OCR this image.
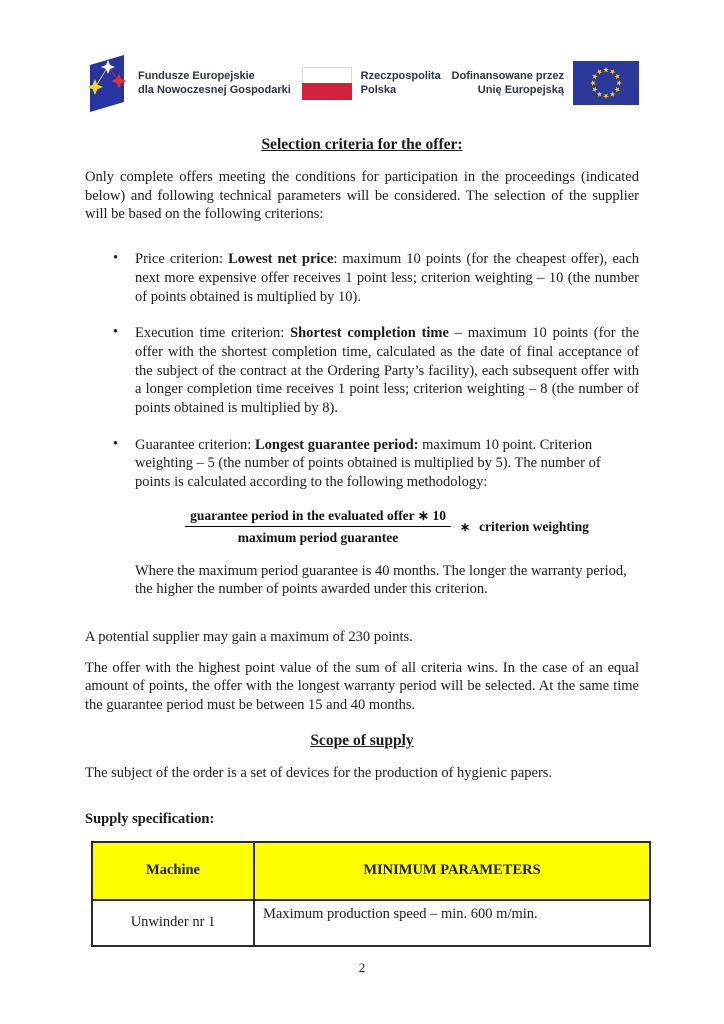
Fundusze Europejskie
dla Nowoczesnej Gospodarki
Rzeczpospolita
Polska
Dofinansowane przez
Unię Europejską
Selection criteria for the offer:

Only complete offers meeting the conditions for participation in the proceedings (indicated below) and following technical parameters will be considered. The selection of the supplier will be based on the following criterions:

• Price criterion: Lowest net price: maximum 10 points (for the cheapest offer), each next more expensive offer receives 1 point less; criterion weighting – 10 (the number of points obtained is multiplied by 10).
• Execution time criterion: Shortest completion time – maximum 10 points (for the offer with the shortest completion time, calculated as the date of final acceptance of the subject of the contract at the Ordering Party’s facility), each subsequent offer with a longer completion time receives 1 point less; criterion weighting – 8 (the number of points obtained is multiplied by 8).
• Guarantee criterion: Longest guarantee period: maximum 10 point. Criterion weighting – 5 (the number of points obtained is multiplied by 5). The number of points is calculated according to the following methodology:
$\frac{\text{guarantee period in the evaluated offer ∗ 10}}{\text{maximum period guarantee}}$ ∗ criterion weighting

Where the maximum period guarantee is 40 months. The longer the warranty period, the higher the number of points awarded under this criterion.

A potential supplier may gain a maximum of 230 points.

The offer with the highest point value of the sum of all criteria wins. In the case of an equal amount of points, the offer with the longest warranty period will be selected. At the same time the guarantee period must be between 15 and 40 months.

Scope of supply

The subject of the order is a set of devices for the production of hygienic papers.

Supply specification:

Machine	MINIMUM PARAMETERS
Unwinder nr 1	Maximum production speed – min. 600 m/min.
2
